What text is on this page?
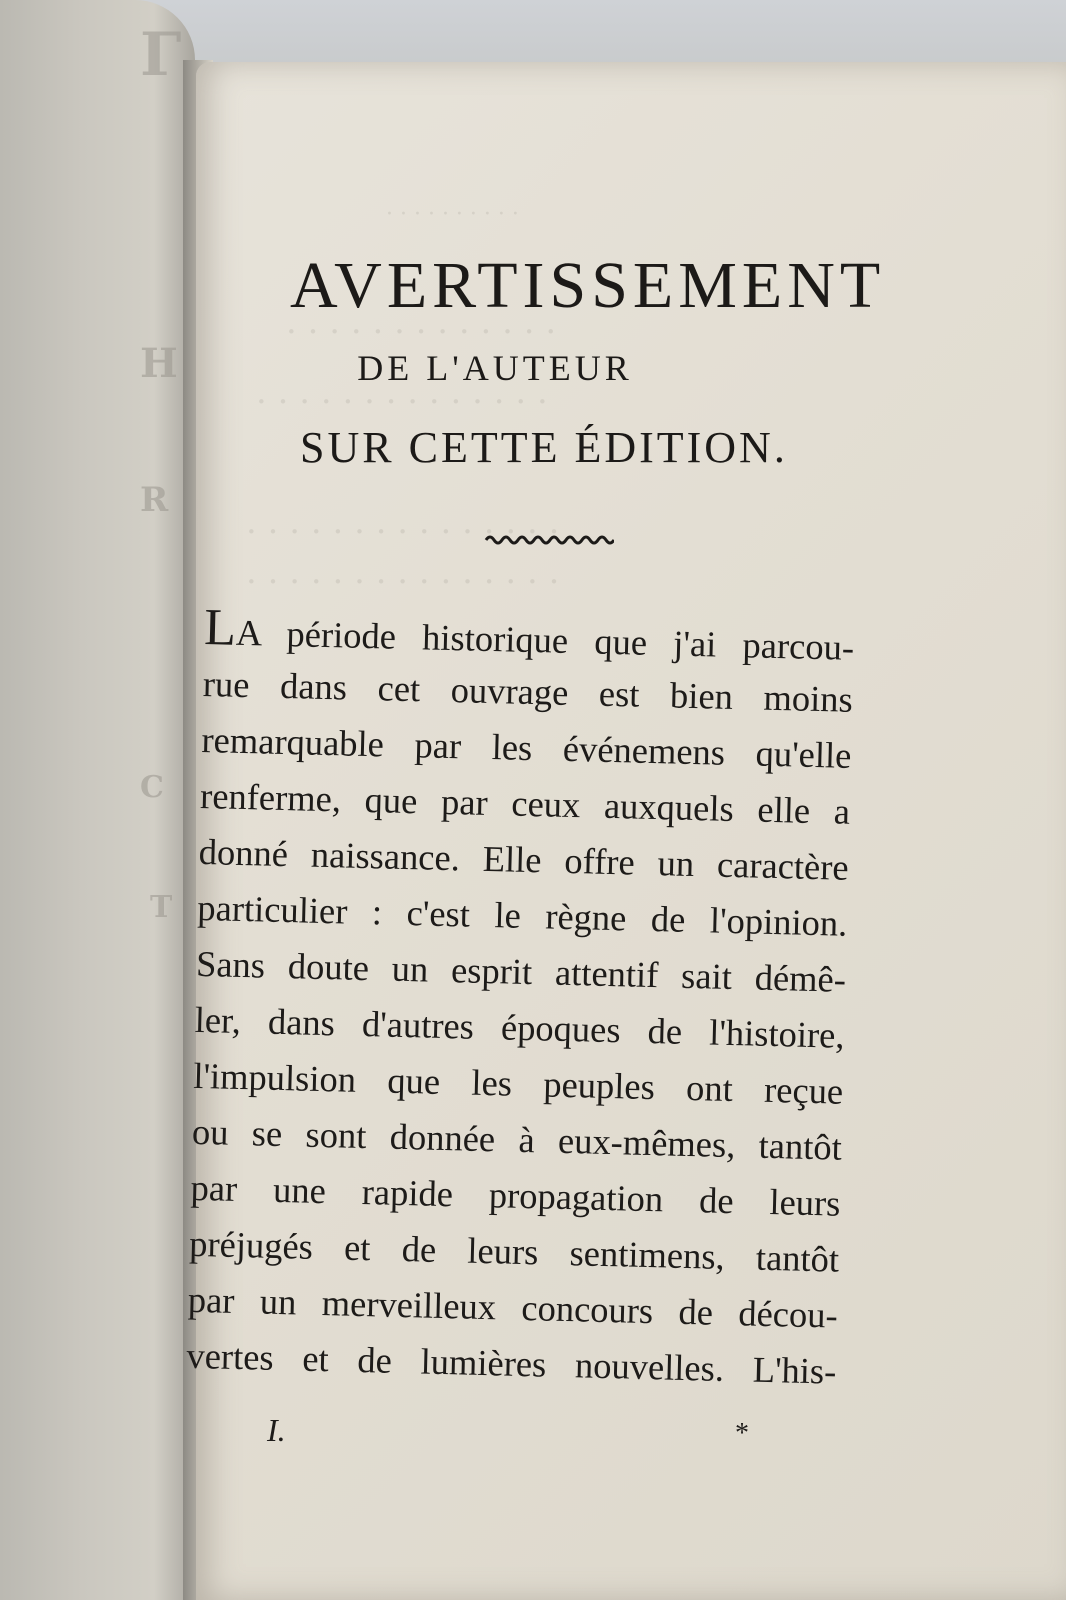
Г
H
R
C
T
· · · · · · · · · ·
· · · · · · · · · · · · ·
· · · · · · · · · · · · · ·
· · · · · · · · · · · · · · ·
· · · · · · · · · · · · · · ·
AVERTISSEMENT
DE L'AUTEUR
SUR CETTE ÉDITION.
LA période historique que j'ai parcou-
rue dans cet ouvrage est bien moins
remarquable par les événemens qu'elle
renferme, que par ceux auxquels elle a
donné naissance. Elle offre un caractère
particulier : c'est le règne de l'opinion.
Sans doute un esprit attentif sait démê-
ler, dans d'autres époques de l'histoire,
l'impulsion que les peuples ont reçue
ou se sont donnée à eux-mêmes, tantôt
par une rapide propagation de leurs
préjugés et de leurs sentimens, tantôt
par un merveilleux concours de décou-
vertes et de lumières nouvelles. L'his-
I.	*
